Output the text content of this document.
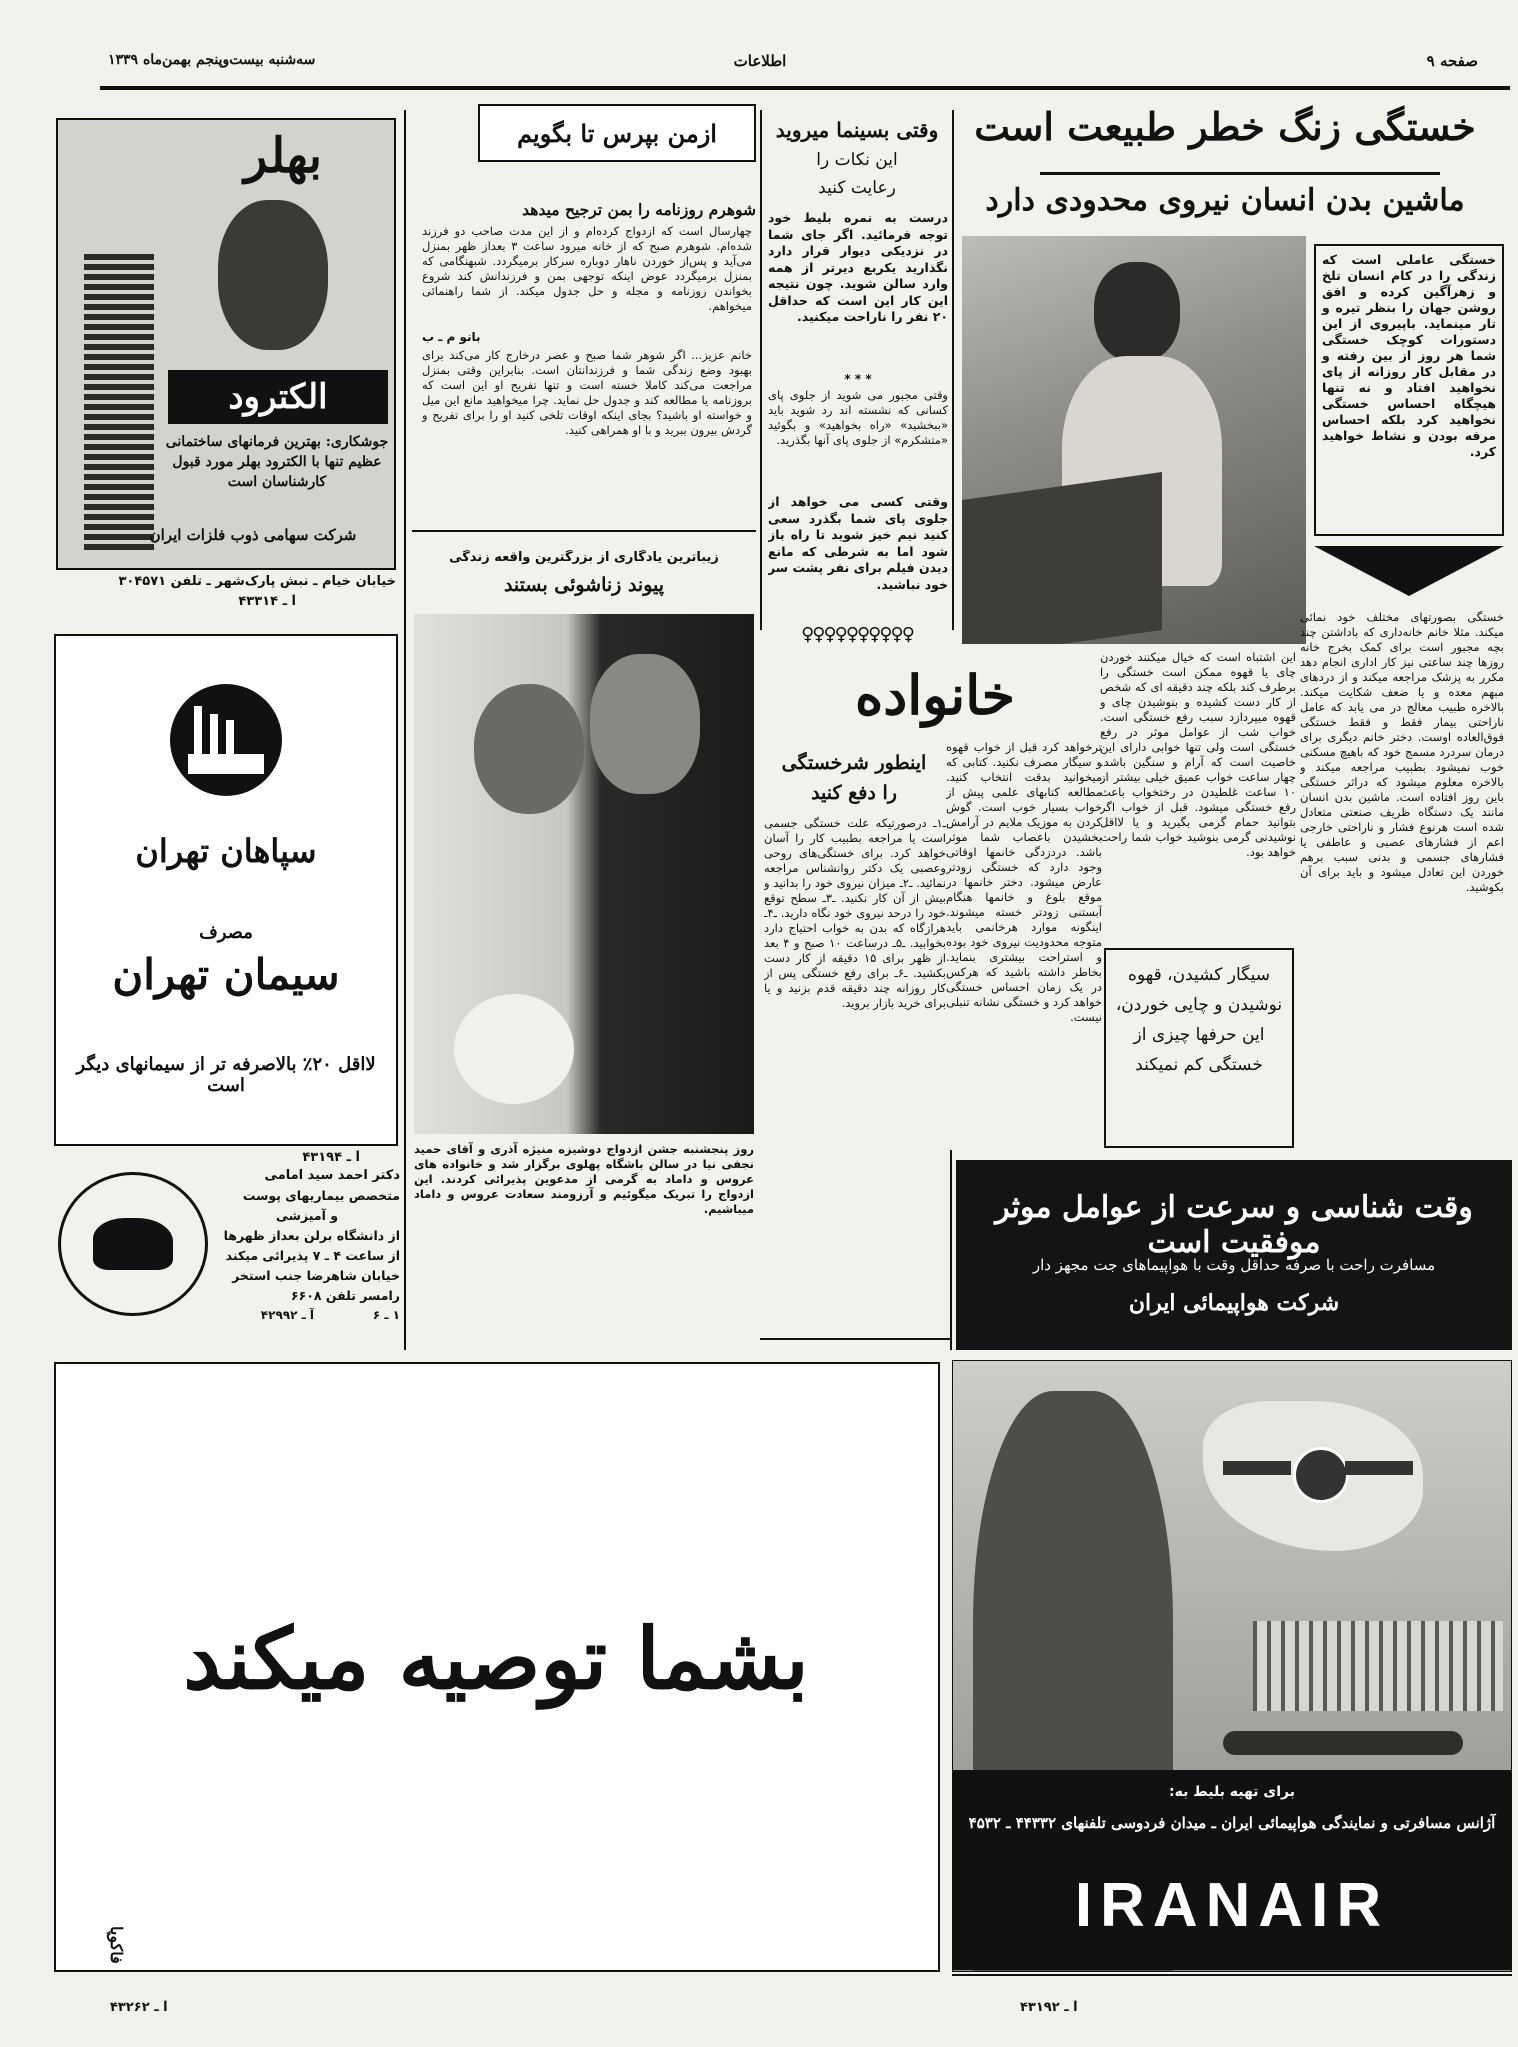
صفحه ۹
اطلاعات
سه‌شنبه بیست‌وپنجم بهمن‌ماه ۱۳۳۹
خستگی زنگ خطر طبیعت است
ماشین بدن انسان نیروی محدودی دارد
خستگی عاملی است که زندگی را در کام انسان تلخ و زهرآگین کرده و افق روشن جهان را بنظر تیره و تار مینماید. باپیروی از این دستورات کوچک خستگی شما هر روز از بین رفته و در مقابل کار روزانه از پای نخواهید افتاد و نه تنها هیچگاه احساس خستگی نخواهید کرد بلکه احساس مرفه بودن و نشاط خواهید کرد.
خستگی بصورتهای مختلف خود نمائی میکند. مثلا خانم خانه‌داری که باداشتن چند بچه مجبور است برای کمک بخرج خانه روزها چند ساعتی نیز کار اداری انجام دهد مکرر به پزشک مراجعه میکند و از دردهای مبهم معده و یا ضعف شکایت میکند. بالاخره طبیب معالج در می یابد که عامل ناراحتی بیمار فقط و فقط خستگی فوق‌العاده اوست. دختر خانم دیگری برای درمان سردرد مسمج خود که باهیچ مسکنی خوب نمیشود بطبیب مراجعه میکند و بالاخره معلوم میشود که دراثر خستگی باین روز افتاده است. ماشین بدن انسان مانند یک دستگاه ظریف صنعتی متعادل شده است هرنوع فشار و ناراحتی خارجی اعم از فشارهای عصبی و عاطفی یا فشارهای جسمی و بدنی سبب برهم خوردن این تعادل میشود و باید برای آن بکوشید.
این اشتباه است که خیال میکنند خوردن چای یا قهوه ممکن است خستگی را برطرف کند بلکه چند دقیقه ای که شخص از کار دست کشیده و بنوشیدن چای و قهوه میپردازد سبب رفع خستگی است. خواب شب از عوامل موثر در رفع خستگی است ولی تنها خوابی دارای این خاصیت است که آرام و سنگین باشد. چهار ساعت خواب عمیق خیلی بیشتر از ۱۰ ساعت غلطیدن در رختخواب باعث رفع خستگی میشود. قبل از خواب اگر بتوانید حمام گرمی بگیرید و یا لااقل نوشیدنی گرمی بنوشید خواب شما راحت خواهد بود.
سیگار کشیدن، قهوه نوشیدن و چایی خوردن، این حرفها چیزی از خستگی کم نمیکند
وقتی بسینما میروید
این نکات را
رعایت کنید
درست به نمره بلیط خود توجه فرمائید. اگر جای شما در نزدیکی دیوار قرار دارد نگذارید یکربع دیرتر از همه وارد سالن شوید. چون نتیجه این کار این است که حداقل ۲۰ نفر را ناراحت میکنید.
* * *
وقتی مجبور می شوید از جلوی پای کسانی که نشسته اند رد شوید باید «ببخشید» «راه بخواهید» و بگوئید «متشکرم» از جلوی پای آنها بگذرید.
وقتی کسی می خواهد از جلوی پای شما بگذرد سعی کنید نیم خیز شوید تا راه باز شود اما به شرطی که مانع دیدن فیلم برای نفر پشت سر خود نباشید.
ازمن بپرس تا بگویم
شوهرم روزنامه را بمن ترجیح میدهد
چهارسال است که ازدواج کرده‌ام و از این مدت صاحب دو فرزند شده‌ام. شوهرم صبح که از خانه میرود ساعت ۳ بعداز ظهر بمنزل می‌آید و پس‌از خوردن ناهار دوباره سرکار برمیگردد. شبهنگامی که بمنزل برمیگردد عوض اینکه توجهی بمن و فرزندانش کند شروع بخواندن روزنامه و مجله و حل جدول میکند. از شما راهنمائی میخواهم.
بانو م ـ ب
خانم عزیز... اگر شوهر شما صبح و عصر درخارج کار می‌کند برای بهبود وضع زندگی شما و فرزندانتان است. بنابراین وقتی بمنزل مراجعت می‌کند کاملا خسته است و تنها تفریح او این است که بروزنامه یا مطالعه کند و جدول حل نماید. چرا میخواهید مانع این میل و خواسته او باشید؟ بجای اینکه اوقات تلخی کنید او را برای تفریح و گردش بیرون ببرید و با او همراهی کنید.
زیباترین یادگاری از بزرگترین واقعه زندگی
پیوند زناشوئی بستند
روز پنجشنبه جشن ازدواج دوشیزه منیژه آذری و آقای حمید نجفی نیا در سالن باشگاه پهلوی برگزار شد و خانواده های عروس و داماد به گرمی از مدعوین پذیرائی کردند. این ازدواج را تبریک میگوئیم و آرزومند سعادت عروس و داماد میباشیم.
♀♀♀♀♀♀♀♀♀♀
خانواده
اینطور شرخستگی
را دفع کنید
ـ۱ـ درصورتیکه علت خستگی جسمی است یا مراجعه بطبیب کار را آسان خواهد کرد. برای خستگی‌های روحی وعصبی یک دکتر روانشناس مراجعه نمائید. ـ۲ـ میزان نیروی خود را بدانید و بیش از آن کار نکنید. ـ۳ـ سطح توقع خود را درحد نیروی خود نگاه دارید. ـ۴ـ هرازگاه که بدن به خواب احتیاج دارد بخوابید. ـ۵ـ درساعت ۱۰ صبح و ۴ بعد از ظهر برای ۱۵ دقیقه از کار دست بکشید. ـ۶ـ برای رفع خستگی پس از کار روزانه چند دقیقه قدم بزنید و یا برای خرید بازار بروید.
ترخواهد کرد قبل از خواب قهوه و سیگار مصرف نکنید. کتابی که میخوانید بدقت انتخاب کنید. مطالعه کتابهای علمی پیش از خواب بسیار خوب است. گوش کردن به موزیک ملایم در آرامش بخشیدن باعصاب شما موثر باشد. دردزدگی خانمها اوقاتی وجود دارد که خستگی زودتر عارض میشود. دختر خانمها در موقع بلوغ و خانمها هنگام آبستنی زودتر خسته میشوند. اینگونه موارد هرخانمی باید متوجه محدودیت نیروی خود بوده و استراحت بیشتری بنماید. بخاطر داشته باشید که هرکس در یک زمان احساس خستگی خواهد کرد و خستگی نشانه تنبلی نیست.
بهلر
الکترود
جوشکاری: بهترین فرمانهای ساختمانی عظیم تنها با الکترود بهلر مورد قبول کارشناسان است
شرکت سهامی ذوب فلزات ایران
خیابان خیام ـ نبش پارک‌شهر ـ تلفن ۳۰۴۵۷۱
آ ـ ۴۳۳۱۴
سپاهان تهران
مصرف
سیمان تهران
لااقل ۲۰٪ بالاصرفه تر از سیمانهای دیگر است
آ ـ ۴۳۱۹۴
دکتر احمد سید امامی
متخصص بیماریهای پوست
و آمیزشی
از دانشگاه برلن بعداز ظهرها
از ساعت ۴ ـ ۷ پذیرائی میکند
خیابان شاهرضا جنب استخر
رامسر تلفن ۶۶۰۸
آ ـ ۴۲۹۹۲	۱ ـ ۶
وقت شناسی و سرعت از عوامل موثر موفقیت است
مسافرت راحت با صرفه حداقل وقت با هواپیماهای جت مجهز دار
شرکت هواپیمائی ایران
برای تهیه بلیط به:
آژانس مسافرتی و نمایندگی هواپیمائی ایران ـ میدان فردوسی تلفنهای ۴۴۳۳۲ ـ ۴۵۳۲
IRANAIR
آ ـ ۴۳۱۹۲
بشما توصیه میکند
فاکوپا
آ ـ ۴۳۲۶۲
